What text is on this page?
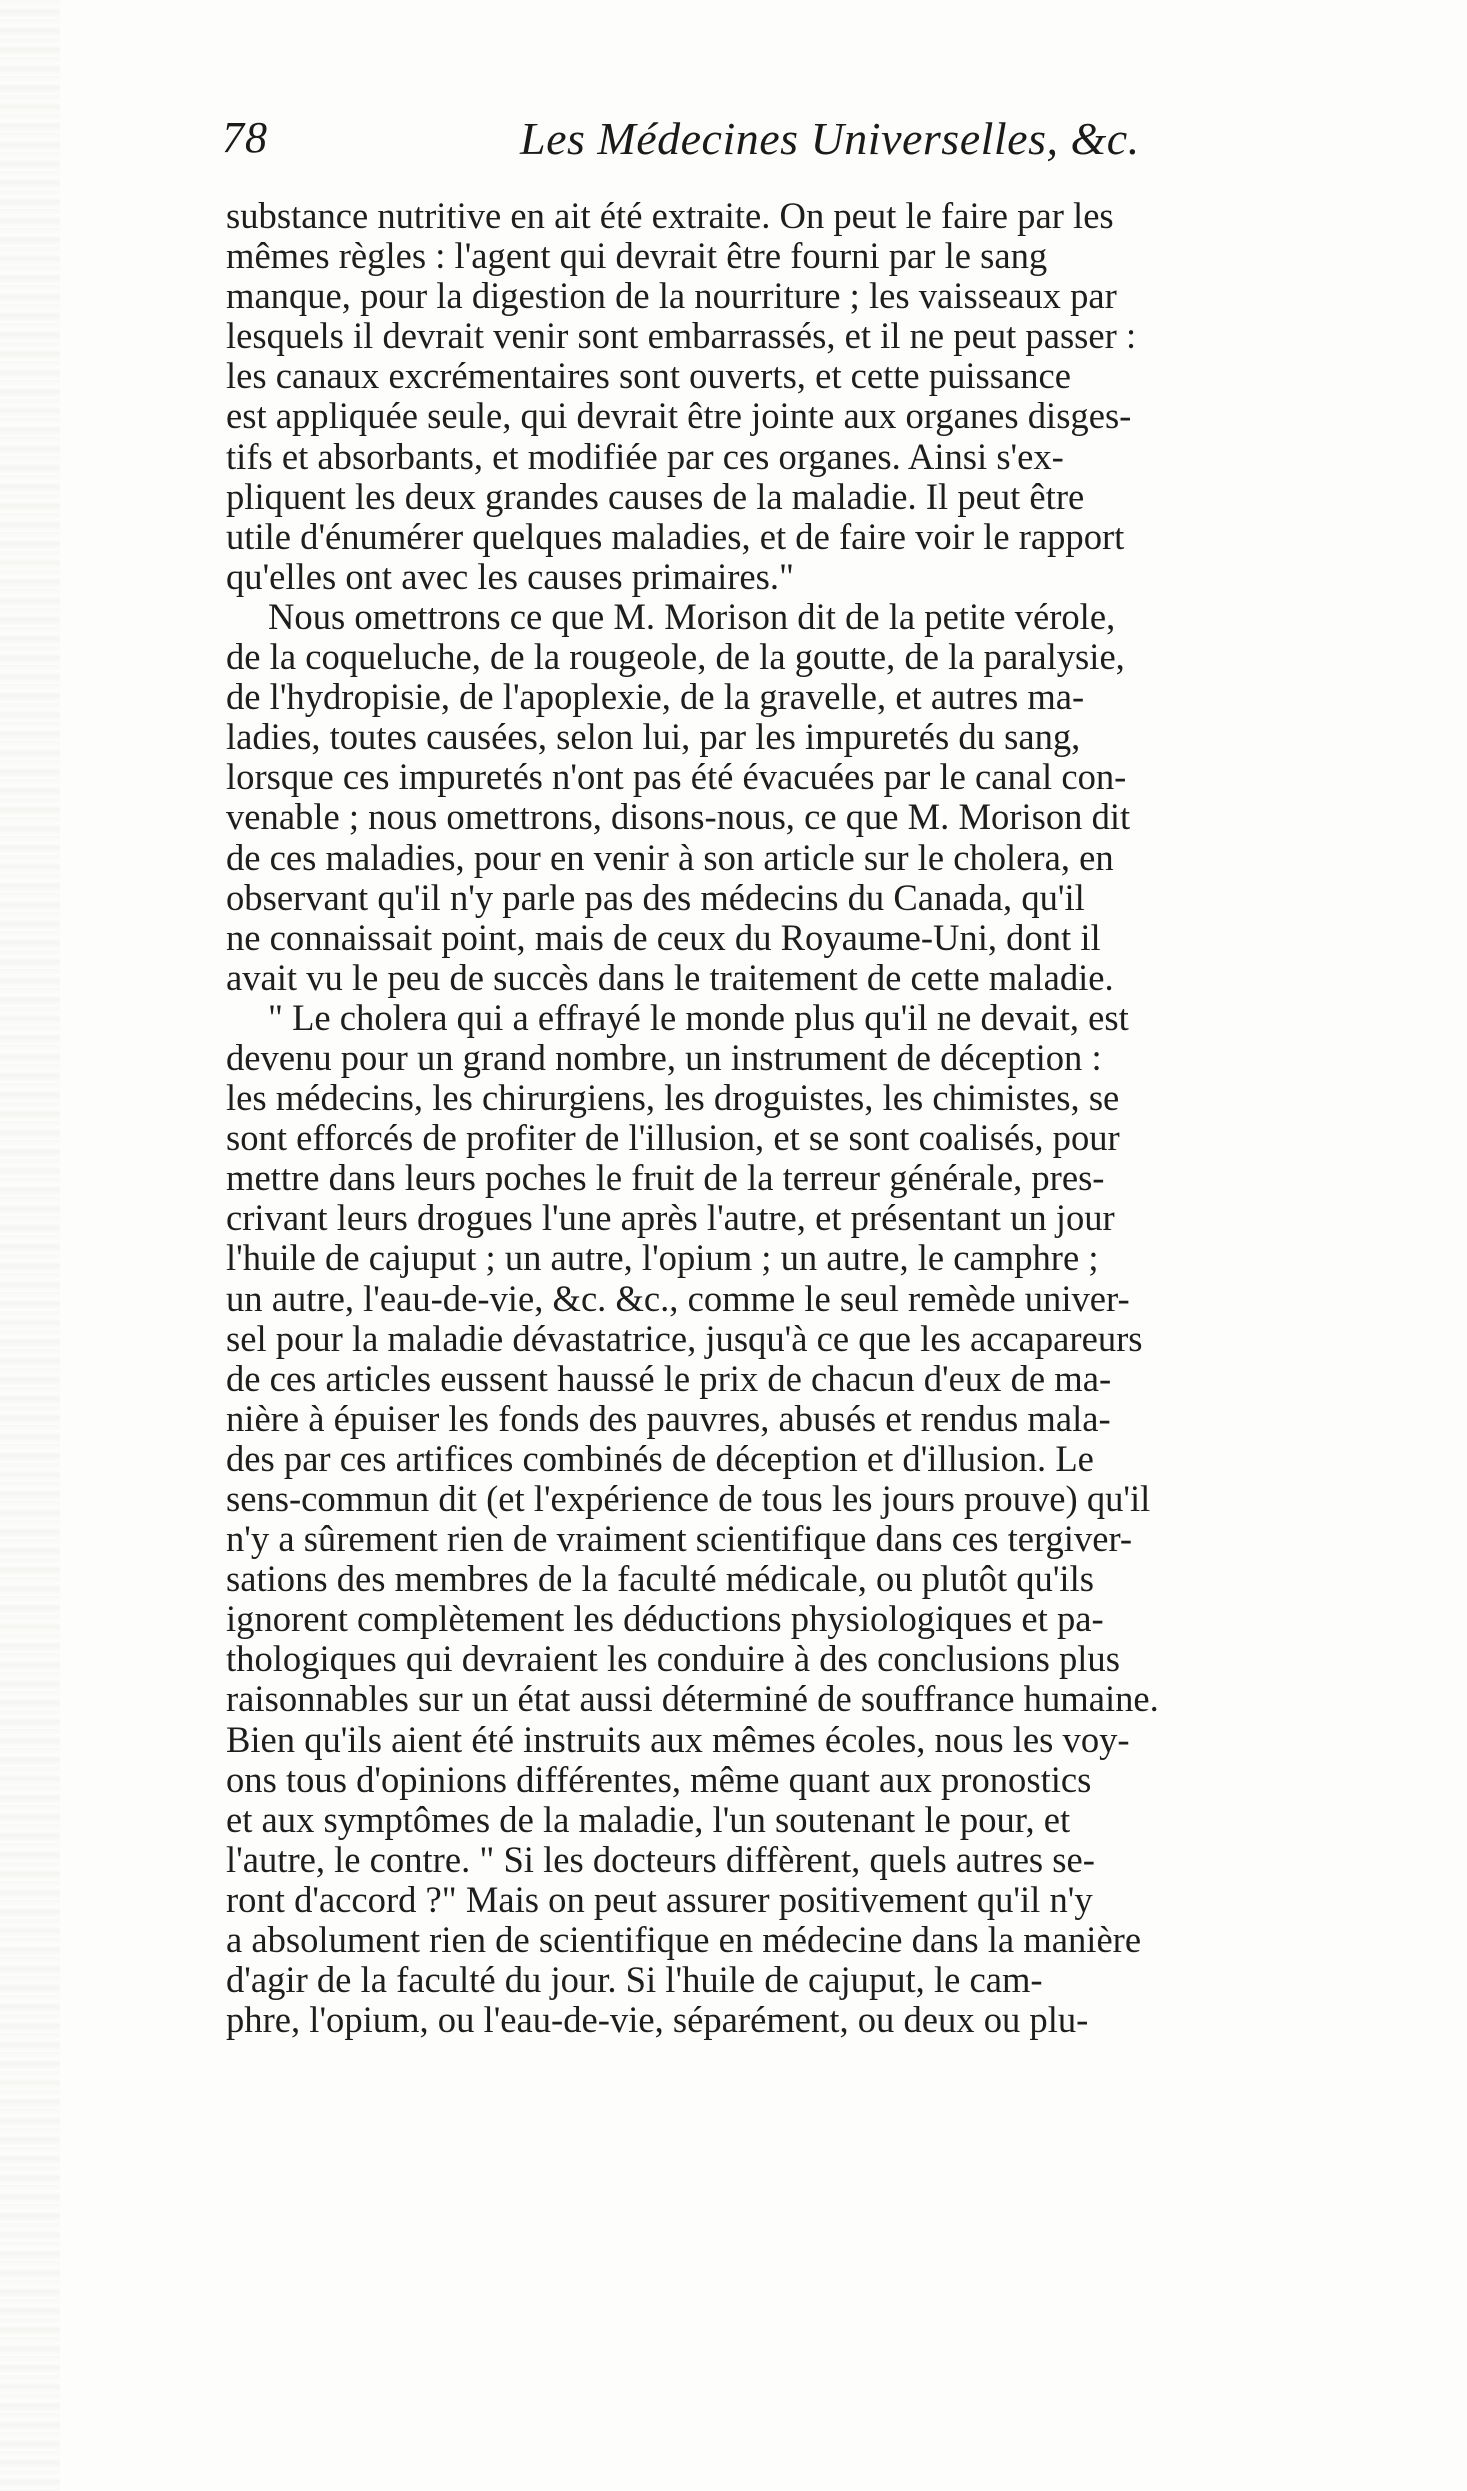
78	Les Médecines Universelles, &c.
substance nutritive en ait été extraite. On peut le faire par les
mêmes règles : l'agent qui devrait être fourni par le sang
manque, pour la digestion de la nourriture ; les vaisseaux par
lesquels il devrait venir sont embarrassés, et il ne peut passer :
les canaux excrémentaires sont ouverts, et cette puissance
est appliquée seule, qui devrait être jointe aux organes disges-
tifs et absorbants, et modifiée par ces organes. Ainsi s'ex-
pliquent les deux grandes causes de la maladie. Il peut être
utile d'énumérer quelques maladies, et de faire voir le rapport
qu'elles ont avec les causes primaires."
Nous omettrons ce que M. Morison dit de la petite vérole,
de la coqueluche, de la rougeole, de la goutte, de la paralysie,
de l'hydropisie, de l'apoplexie, de la gravelle, et autres ma-
ladies, toutes causées, selon lui, par les impuretés du sang,
lorsque ces impuretés n'ont pas été évacuées par le canal con-
venable ; nous omettrons, disons-nous, ce que M. Morison dit
de ces maladies, pour en venir à son article sur le cholera, en
observant qu'il n'y parle pas des médecins du Canada, qu'il
ne connaissait point, mais de ceux du Royaume-Uni, dont il
avait vu le peu de succès dans le traitement de cette maladie.
" Le cholera qui a effrayé le monde plus qu'il ne devait, est
devenu pour un grand nombre, un instrument de déception :
les médecins, les chirurgiens, les droguistes, les chimistes, se
sont efforcés de profiter de l'illusion, et se sont coalisés, pour
mettre dans leurs poches le fruit de la terreur générale, pres-
crivant leurs drogues l'une après l'autre, et présentant un jour
l'huile de cajuput ; un autre, l'opium ; un autre, le camphre ;
un autre, l'eau-de-vie, &c. &c., comme le seul remède univer-
sel pour la maladie dévastatrice, jusqu'à ce que les accapareurs
de ces articles eussent haussé le prix de chacun d'eux de ma-
nière à épuiser les fonds des pauvres, abusés et rendus mala-
des par ces artifices combinés de déception et d'illusion. Le
sens-commun dit (et l'expérience de tous les jours prouve) qu'il
n'y a sûrement rien de vraiment scientifique dans ces tergiver-
sations des membres de la faculté médicale, ou plutôt qu'ils
ignorent complètement les déductions physiologiques et pa-
thologiques qui devraient les conduire à des conclusions plus
raisonnables sur un état aussi déterminé de souffrance humaine.
Bien qu'ils aient été instruits aux mêmes écoles, nous les voy-
ons tous d'opinions différentes, même quant aux pronostics
et aux symptômes de la maladie, l'un soutenant le pour, et
l'autre, le contre. " Si les docteurs diffèrent, quels autres se-
ront d'accord ?" Mais on peut assurer positivement qu'il n'y
a absolument rien de scientifique en médecine dans la manière
d'agir de la faculté du jour. Si l'huile de cajuput, le cam-
phre, l'opium, ou l'eau-de-vie, séparément, ou deux ou plu-
